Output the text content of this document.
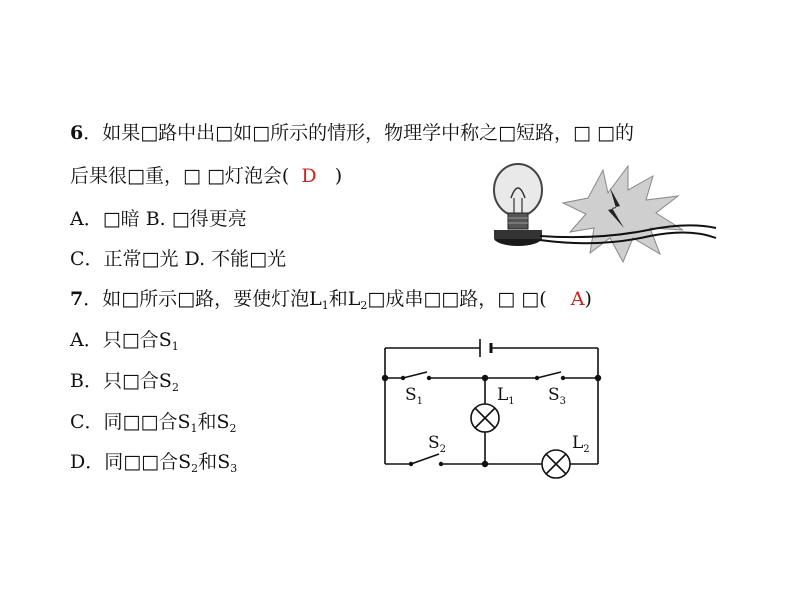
6．如果□路中出□如□所示的情形，物理学中称之□短路，□ □的
后果很□重，□ □灯泡会( D )
A．□暗 B. □得更亮
C．正常□光 D. 不能□光
7．如□所示□路，要使灯泡$L_1$和$L_2□$成串□□路，□ □( A)
A．只□合$S_1$
B．只□合$S_2$
C．同□□合$S_1$和$S_2$
D．同□□合$S_2$和$S_3$
$S_1$	$L_1$ $S_3$
$S_2$	$L_2$
